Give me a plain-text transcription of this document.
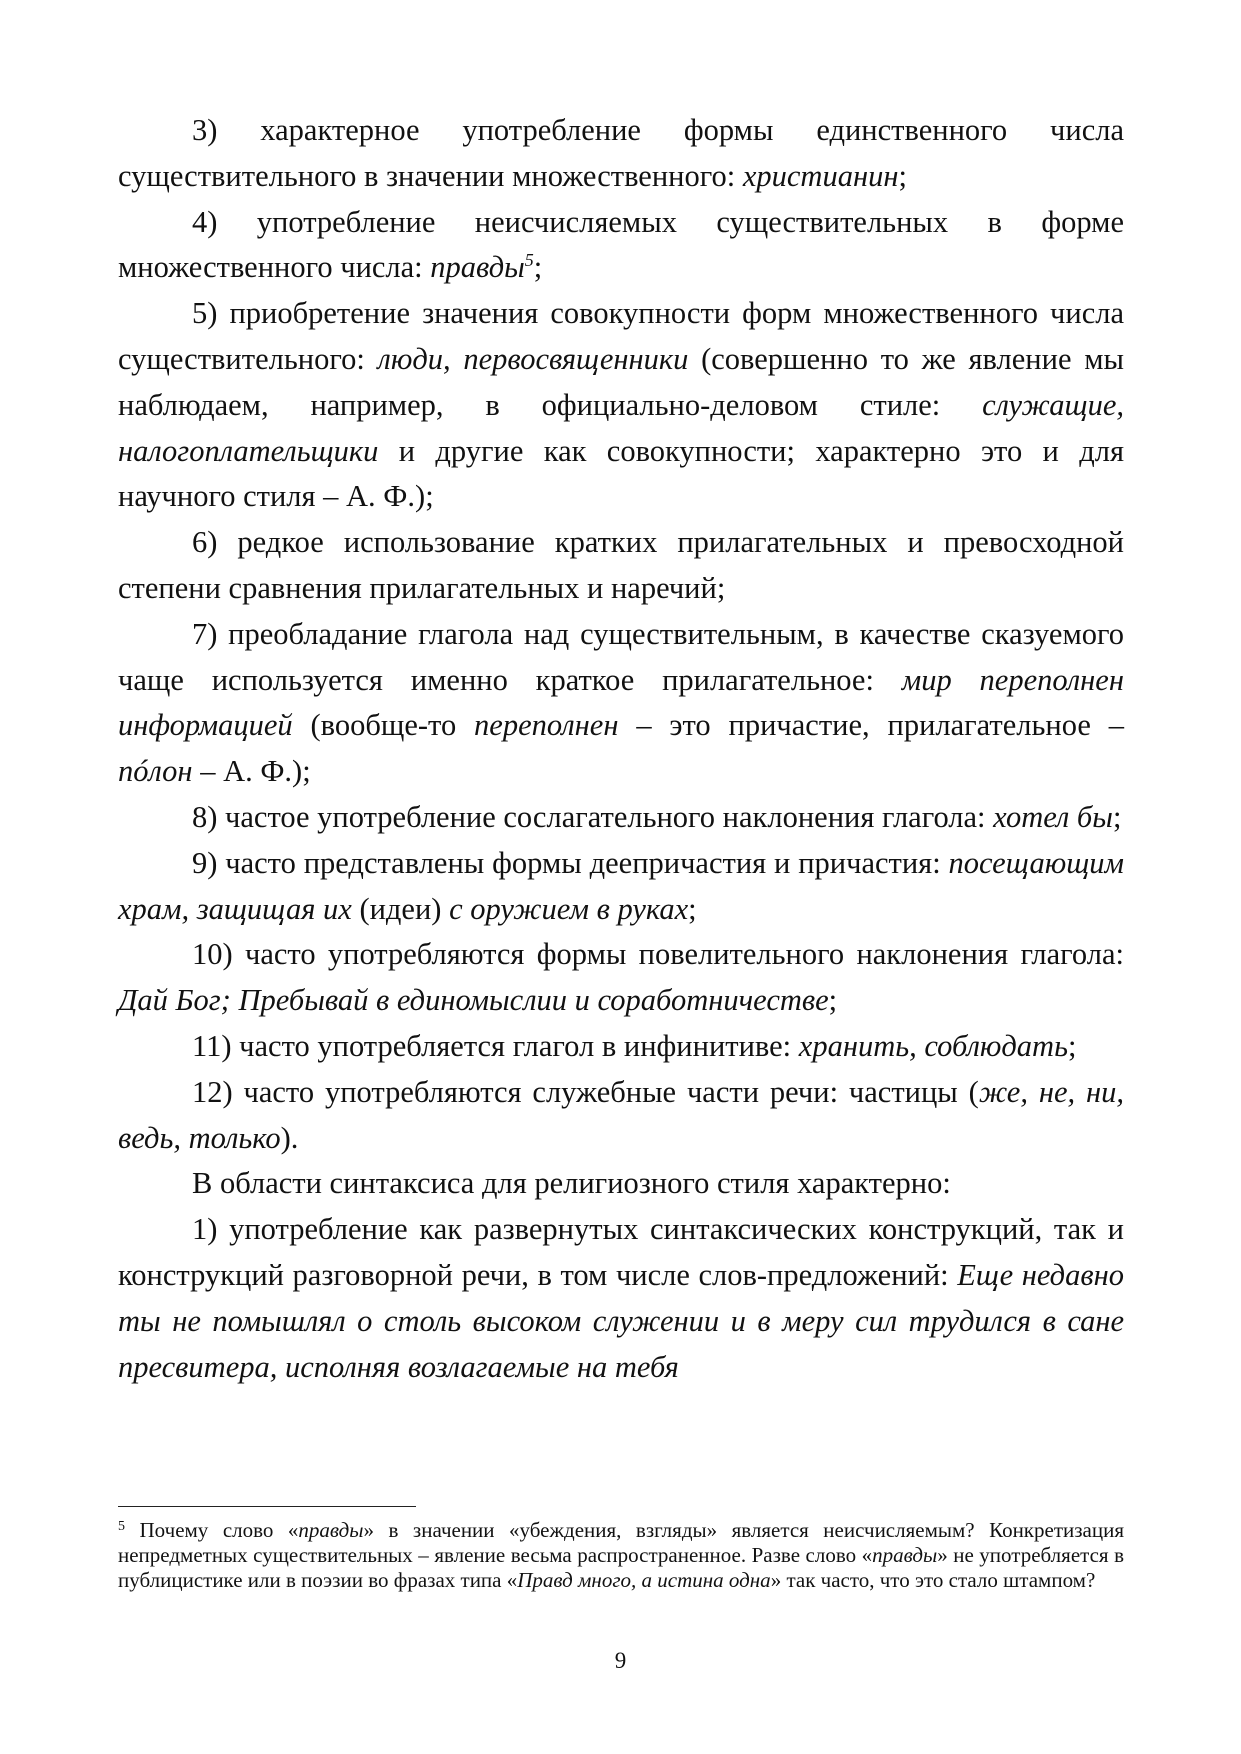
3) характерное употребление формы единственного числа существительного в значении множественного: христианин;

4) употребление неисчисляемых существительных в форме множественного числа: правды$^5$;

5) приобретение значения совокупности форм множественного числа существительного: люди, первосвященники (совершенно то же явление мы наблюдаем, например, в официально-деловом стиле: служащие, налогоплательщики и другие как совокупности; характерно это и для научного стиля – А. Ф.);

6) редкое использование кратких прилагательных и превосходной степени сравнения прилагательных и наречий;

7) преобладание глагола над существительным, в качестве сказуемого чаще используется именно краткое прилагательное: мир переполнен информацией (вообще-то переполнен – это причастие, прилагательное – пóлон – А. Ф.);

8) частое употребление сослагательного наклонения глагола: хотел бы;

9) часто представлены формы деепричастия и причастия: посещающим храм, защищая их (идеи) с оружием в руках;

10) часто употребляются формы повелительного наклонения глагола: Дай Бог; Пребывай в единомыслии и соработничестве;

11) часто употребляется глагол в инфинитиве: хранить, соблюдать;

12) часто употребляются служебные части речи: частицы (же, не, ни, ведь, только).

В области синтаксиса для религиозного стиля характерно:

1) употребление как развернутых синтаксических конструкций, так и конструкций разговорной речи, в том числе слов-предложений: Еще недавно ты не помышлял о столь высоком служении и в меру сил трудился в сане пресвитера, исполняя возлагаемые на тебя

$^5$ Почему слово «правды» в значении «убеждения, взгляды» является неисчисляемым? Конкретизация непредметных существительных – явление весьма распространенное. Разве слово «правды» не употребляется в публицистике или в поэзии во фразах типа «Правд много, а истина одна» так часто, что это стало штампом?

9
